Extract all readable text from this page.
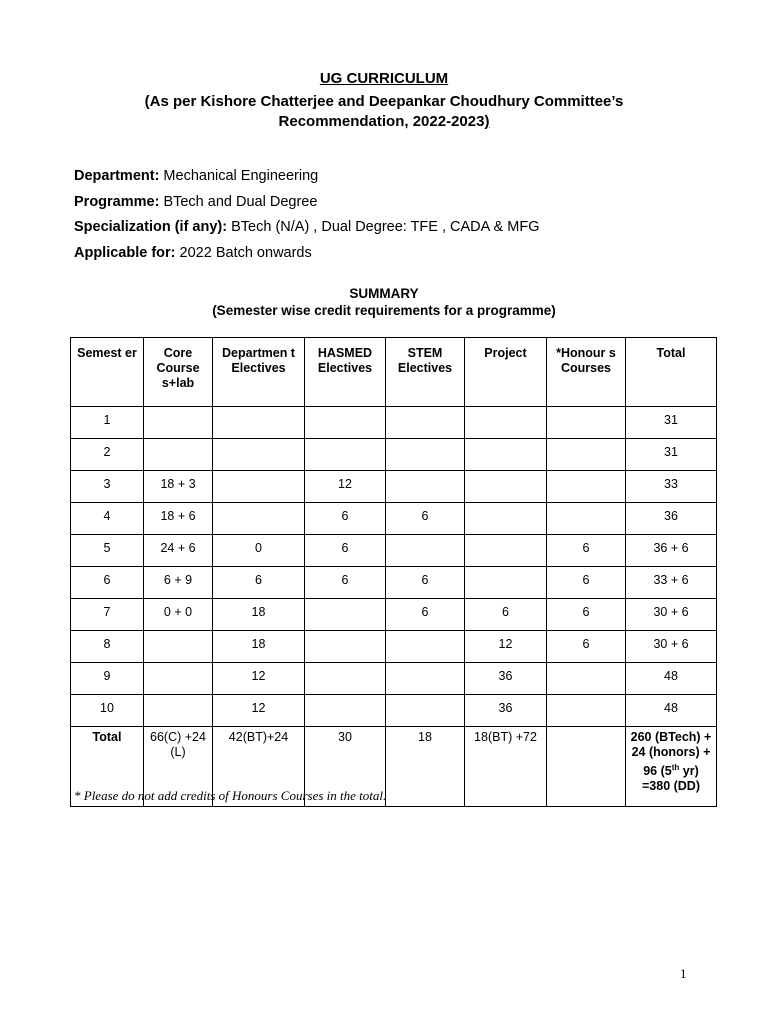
UG CURRICULUM
(As per Kishore Chatterjee and Deepankar Choudhury Committee’s
Recommendation, 2022-2023)
Department: Mechanical Engineering
Programme: BTech and Dual Degree
Specialization (if any): BTech (N/A) , Dual Degree: TFE , CADA & MFG
Applicable for: 2022 Batch onwards
SUMMARY
(Semester wise credit requirements for a programme)
Semest er	Core Course s+lab	Departmen t Electives	HASMED Electives	STEM Electives	Project	*Honour s Courses	Total
1							31
2							31
3	18 + 3		12				33
4	18 + 6		6	6			36
5	24 + 6	0	6			6	36 + 6
6	6 + 9	6	6	6		6	33 + 6
7	0 + 0	18		6	6	6	30 + 6
8		18			12	6	30 + 6
9		12			36		48
10		12			36		48
Total	66(C) +24 (L)	42(BT)+24	30	18	18(BT) +72		260 (BTech) + 24 (honors) + 96 (5th yr) =380 (DD)
* Please do not add credits of Honours Courses in the total.
1
